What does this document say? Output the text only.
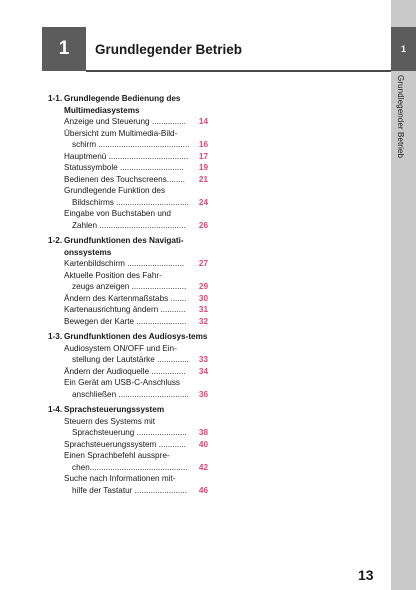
1 Grundlegender Betrieb	1
Grundlegender Betrieb
1-1. Grundlegende Bedienung des Multimediasystems
Anzeige und Steuerung ...............	14
Übersicht zum Multimedia-Bild-
schirm ........................................	16
Hauptmenü ...................................	17
Statussymbole ............................	19
Bedienen des Touchscreens........	21
Grundlegende Funktion des
Bildschirms ................................	24
Eingabe von Buchstaben und
Zahlen ......................................	26
1-2. Grundfunktionen des Navigati-onssystems
Kartenbildschirm .........................	27
Aktuelle Position des Fahr-
zeugs anzeigen ........................	29
Ändern des Kartenmaßstabs .......	30
Kartenausrichtung ändern ...........	31
Bewegen der Karte ......................	32
1-3. Grundfunktionen des Audiosys-tems
Audiosystem ON/OFF und Ein-
stellung der Lautstärke ..............	33
Ändern der Audioquelle ...............	34
Ein Gerät am USB-C-Anschluss
anschließen ...............................	36
1-4. Sprachsteuerungssystem
Steuern des Systems mit
Sprachsteuerung ......................	38
Sprachsteuerungssystem ............	40
Einen Sprachbefehl ausspre-
chen...........................................	42
Suche nach Informationen mit-
hilfe der Tastatur .......................	46
13
